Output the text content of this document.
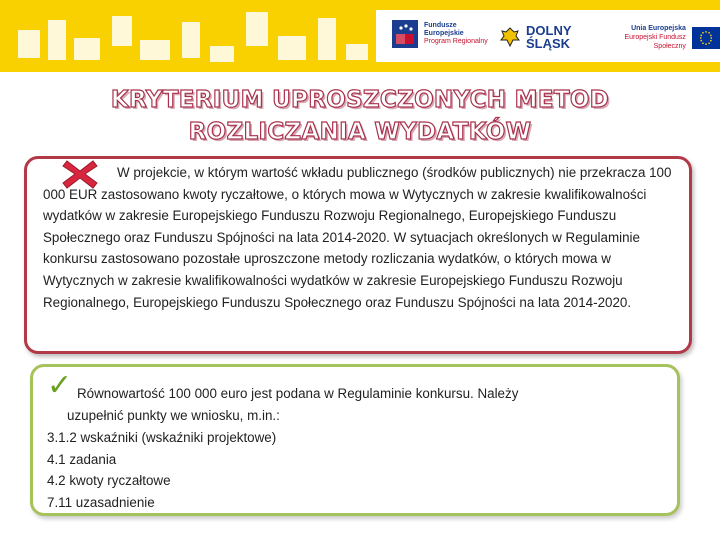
Fundusze
Europejskie
Program Regionalny
DOLNY
ŚLĄSK
Unia Europejska
Europejski Fundusz Społeczny
KRYTERIUM UPROSZCZONYCH METOD
ROZLICZANIA WYDATKÓW
W projekcie, w którym wartość wkładu publicznego (środków publicznych) nie przekracza 100 000 EUR zastosowano kwoty ryczałtowe, o których mowa w Wytycznych w zakresie kwalifikowalności wydatków w zakresie Europejskiego Funduszu Rozwoju Regionalnego, Europejskiego Funduszu Społecznego oraz Funduszu Spójności na lata 2014-2020. W sytuacjach określonych w Regulaminie konkursu zastosowano pozostałe uproszczone metody rozliczania wydatków, o których mowa w Wytycznych w zakresie kwalifikowalności wydatków w zakresie Europejskiego Funduszu Rozwoju Regionalnego, Europejskiego Funduszu Społecznego oraz Funduszu Spójności na lata 2014-2020.
✓ Równowartość 100 000 euro jest podana w Regulaminie konkursu. Należy
uzupełnić punkty we wniosku, m.in.:
3.1.2 wskaźniki (wskaźniki projektowe)
4.1 zadania
4.2 kwoty ryczałtowe
7.11 uzasadnienie
